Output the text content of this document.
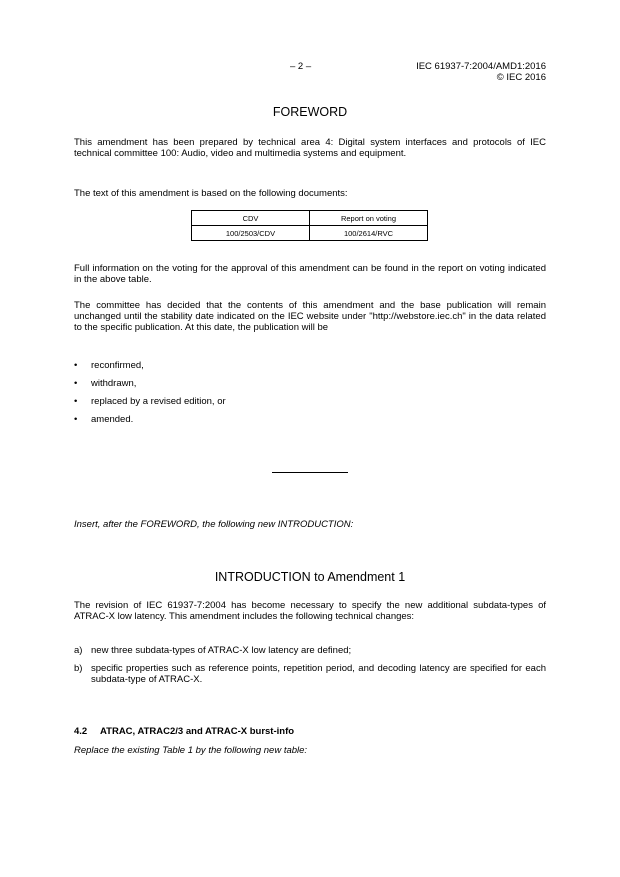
– 2 –	IEC 61937-7:2004/AMD1:2016
© IEC 2016
FOREWORD
This amendment has been prepared by technical area 4: Digital system interfaces and protocols of IEC technical committee 100: Audio, video and multimedia systems and equipment.
The text of this amendment is based on the following documents:
CDV	Report on voting
100/2503/CDV	100/2614/RVC
Full information on the voting for the approval of this amendment can be found in the report on voting indicated in the above table.
The committee has decided that the contents of this amendment and the base publication will remain unchanged until the stability date indicated on the IEC website under "http://webstore.iec.ch" in the data related to the specific publication. At this date, the publication will be
• reconfirmed,
• withdrawn,
• replaced by a revised edition, or
• amended.
Insert, after the FOREWORD, the following new INTRODUCTION:
INTRODUCTION to Amendment 1
The revision of IEC 61937-7:2004 has become necessary to specify the new additional subdata-types of ATRAC-X low latency. This amendment includes the following technical changes:
a) new three subdata-types of ATRAC-X low latency are defined;
b) specific properties such as reference points, repetition period, and decoding latency are specified for each subdata-type of ATRAC-X.
4.2 ATRAC, ATRAC2/3 and ATRAC-X burst-info
Replace the existing Table 1 by the following new table:
